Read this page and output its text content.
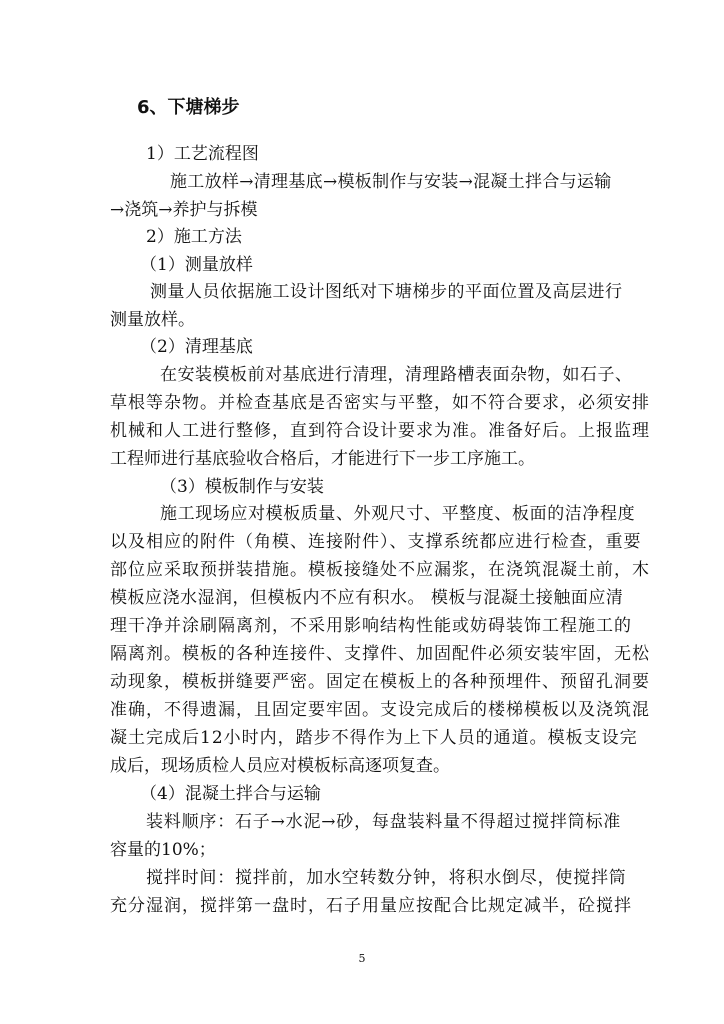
6、下塘梯步
1）工艺流程图
施工放样→清理基底→模板制作与安装→混凝土拌合与运输
→浇筑→养护与拆模
2）施工方法
（1）测量放样
测量人员依据施工设计图纸对下塘梯步的平面位置及高层进行
测量放样。
（2）清理基底
在安装模板前对基底进行清理，清理路槽表面杂物，如石子、
草根等杂物。并检查基底是否密实与平整，如不符合要求，必须安排
机械和人工进行整修，直到符合设计要求为准。准备好后。上报监理
工程师进行基底验收合格后，才能进行下一步工序施工。
（3）模板制作与安装
施工现场应对模板质量、外观尺寸、平整度、板面的洁净程度
以及相应的附件（角模、连接附件）、支撑系统都应进行检查，重要
部位应采取预拼装措施。模板接缝处不应漏浆，在浇筑混凝土前，木
模板应浇水湿润，但模板内不应有积水。 模板与混凝土接触面应清
理干净并涂刷隔离剂，不采用影响结构性能或妨碍装饰工程施工的
隔离剂。模板的各种连接件、支撑件、加固配件必须安装牢固，无松
动现象，模板拼缝要严密。固定在模板上的各种预埋件、预留孔洞要
准确，不得遗漏，且固定要牢固。支设完成后的楼梯模板以及浇筑混
凝土完成后12小时内，踏步不得作为上下人员的通道。模板支设完
成后，现场质检人员应对模板标高逐项复查。
（4）混凝土拌合与运输
装料顺序：石子→水泥→砂，每盘装料量不得超过搅拌筒标准
容量的10%；
搅拌时间：搅拌前，加水空转数分钟，将积水倒尽，使搅拌筒
充分湿润，搅拌第一盘时，石子用量应按配合比规定减半，砼搅拌
5
